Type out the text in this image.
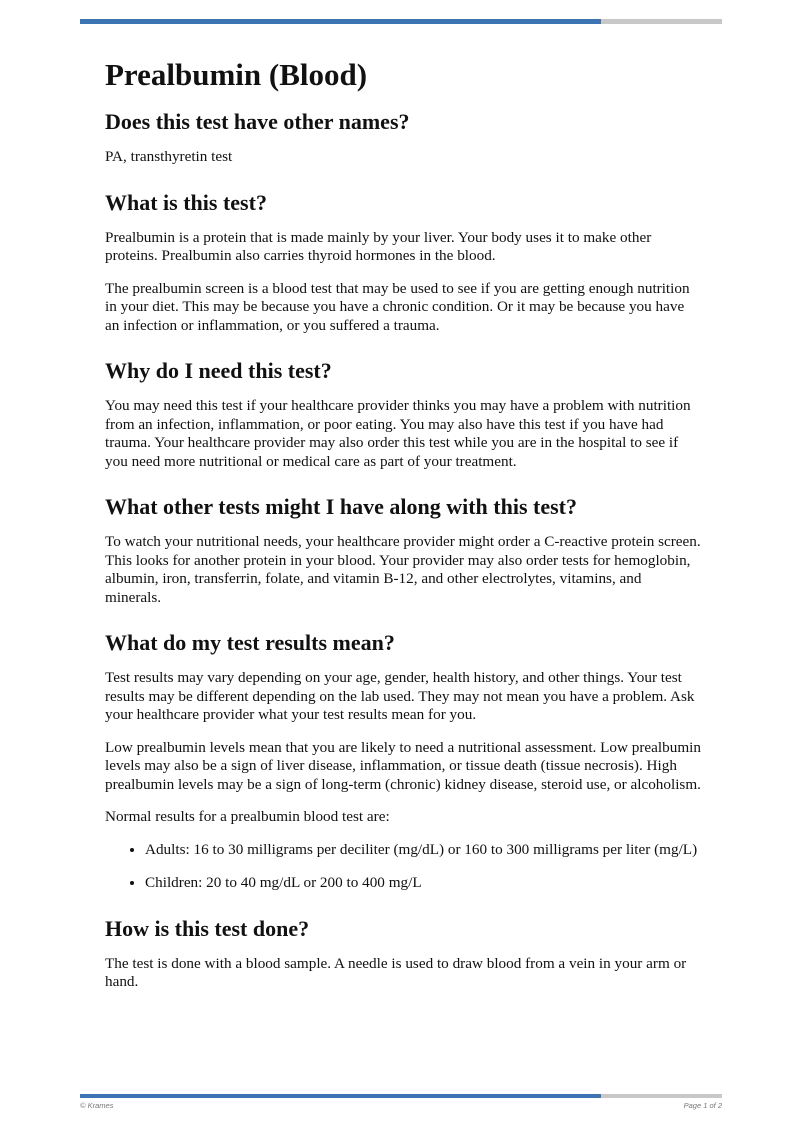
Prealbumin (Blood)
Does this test have other names?

PA, transthyretin test

What is this test?

Prealbumin is a protein that is made mainly by your liver. Your body uses it to make other proteins. Prealbumin also carries thyroid hormones in the blood.

The prealbumin screen is a blood test that may be used to see if you are getting enough nutrition in your diet. This may be because you have a chronic condition. Or it may be because you have an infection or inflammation, or you suffered a trauma.

Why do I need this test?

You may need this test if your healthcare provider thinks you may have a problem with nutrition from an infection, inflammation, or poor eating. You may also have this test if you have had trauma. Your healthcare provider may also order this test while you are in the hospital to see if you need more nutritional or medical care as part of your treatment.

What other tests might I have along with this test?

To watch your nutritional needs, your healthcare provider might order a C-reactive protein screen. This looks for another protein in your blood. Your provider may also order tests for hemoglobin, albumin, iron, transferrin, folate, and vitamin B-12, and other electrolytes, vitamins, and minerals.

What do my test results mean?

Test results may vary depending on your age, gender, health history, and other things. Your test results may be different depending on the lab used. They may not mean you have a problem. Ask your healthcare provider what your test results mean for you.

Low prealbumin levels mean that you are likely to need a nutritional assessment. Low prealbumin levels may also be a sign of liver disease, inflammation, or tissue death (tissue necrosis). High prealbumin levels may be a sign of long-term (chronic) kidney disease, steroid use, or alcoholism.

Normal results for a prealbumin blood test are:

• Adults: 16 to 30 milligrams per deciliter (mg/dL) or 160 to 300 milligrams per liter (mg/L)
• Children: 20 to 40 mg/dL or 200 to 400 mg/L
How is this test done?

The test is done with a blood sample. A needle is used to draw blood from a vein in your arm or hand.

© Krames	Page 1 of 2
